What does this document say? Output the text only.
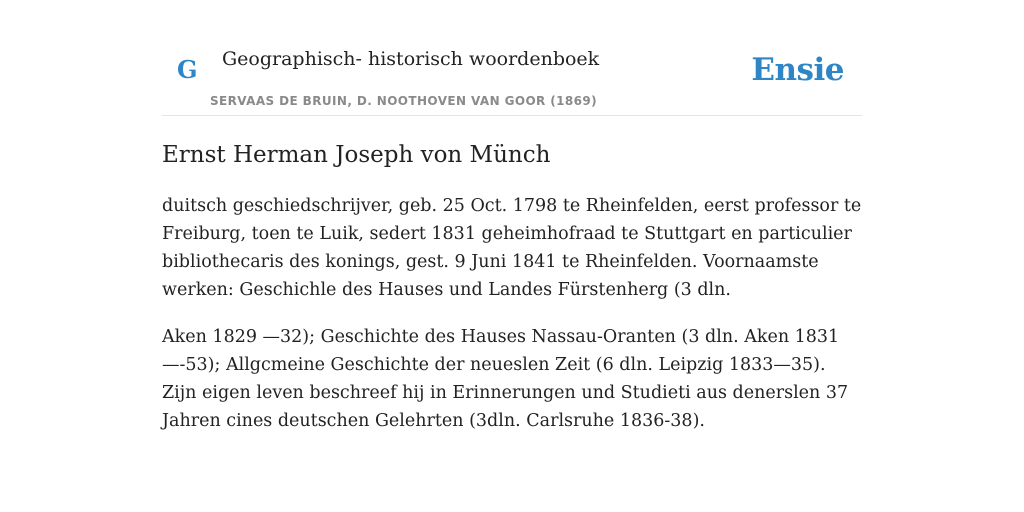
G Geographisch- historisch woordenboek
SERVAAS DE BRUIN, D. NOOTHOVEN VAN GOOR (1869)
Ensie
Ernst Herman Joseph von Münch

duitsch geschiedschrijver, geb. 25 Oct. 1798 te Rheinfelden, eerst professor te Freiburg, toen te Luik, sedert 1831 geheimhofraad te Stuttgart en particulier bibliothecaris des konings, gest. 9 Juni 1841 te Rheinfelden. Voornaamste werken: Geschichle des Hauses und Landes Fürstenherg (3 dln.

Aken 1829 —32); Geschichte des Hauses Nassau-Oranten (3 dln. Aken 1831—-53); Allgcmeine Geschichte der neueslen Zeit (6 dln. Leipzig 1833—35). Zijn eigen leven beschreef hij in Erinnerungen und Studieti aus denerslen 37 Jahren cines deutschen Gelehrten (3dln. Carlsruhe 1836-38).
